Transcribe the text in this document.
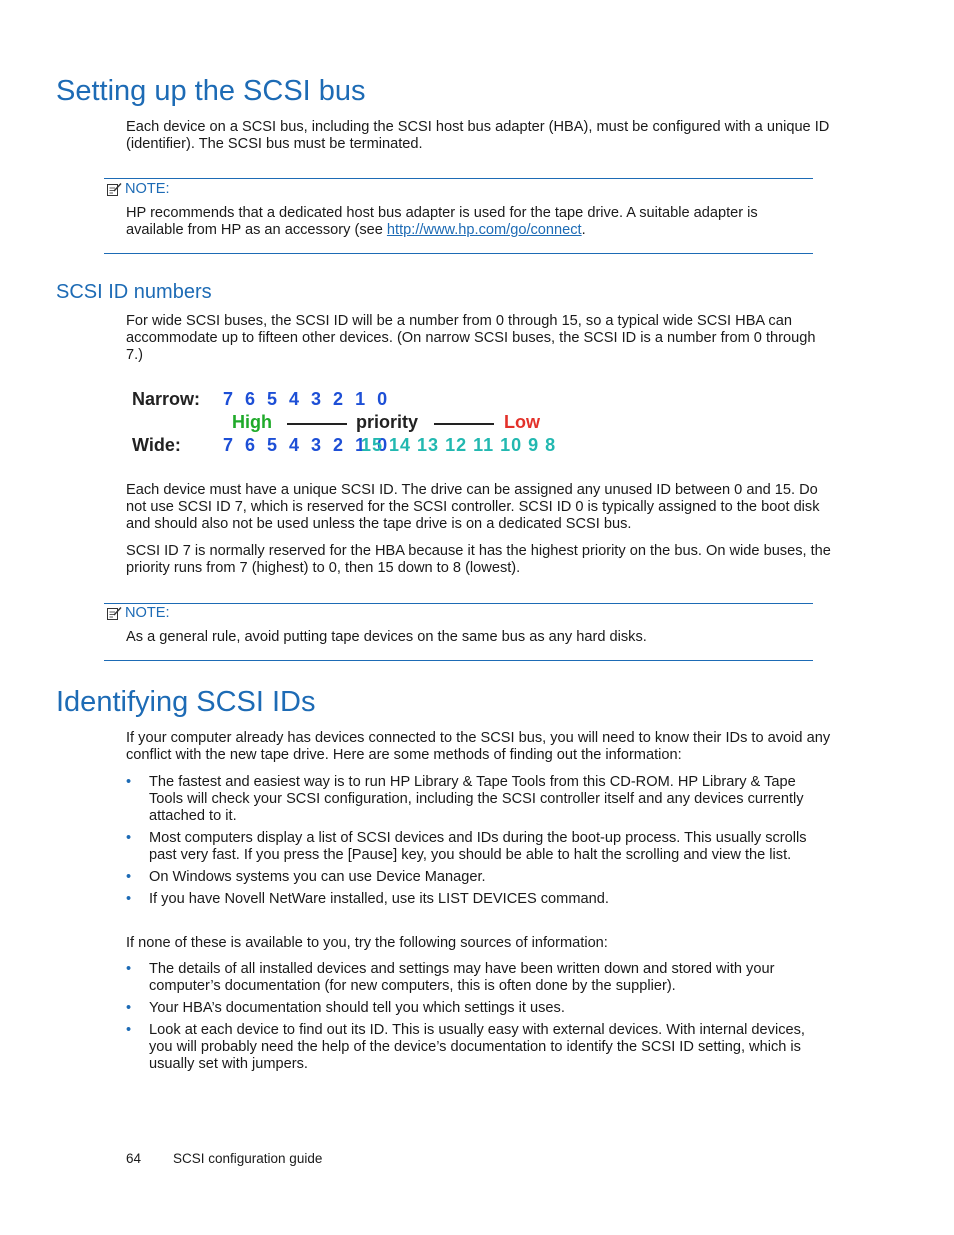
Setting up the SCSI bus

Each device on a SCSI bus, including the SCSI host bus adapter (HBA), must be configured with a unique ID (identifier). The SCSI bus must be terminated.

NOTE:

HP recommends that a dedicated host bus adapter is used for the tape drive. A suitable adapter is available from HP as an accessory (see http://www.hp.com/go/connect.

SCSI ID numbers

For wide SCSI buses, the SCSI ID will be a number from 0 through 15, so a typical wide SCSI HBA can accommodate up to fifteen other devices. (On narrow SCSI buses, the SCSI ID is a number from 0 through 7.)

Narrow: 7 6 5 4 3 2 1 0
High	priority	Low
Wide: 7 6 5 4 3 2 1 0
15 14 13 12 11 10 9 8

Each device must have a unique SCSI ID. The drive can be assigned any unused ID between 0 and 15. Do not use SCSI ID 7, which is reserved for the SCSI controller. SCSI ID 0 is typically assigned to the boot disk and should also not be used unless the tape drive is on a dedicated SCSI bus.

SCSI ID 7 is normally reserved for the HBA because it has the highest priority on the bus. On wide buses, the priority runs from 7 (highest) to 0, then 15 down to 8 (lowest).

NOTE:

As a general rule, avoid putting tape devices on the same bus as any hard disks.

Identifying SCSI IDs

If your computer already has devices connected to the SCSI bus, you will need to know their IDs to avoid any conflict with the new tape drive. Here are some methods of finding out the information:

• The fastest and easiest way is to run HP Library & Tape Tools from this CD-ROM. HP Library & Tape Tools will check your SCSI configuration, including the SCSI controller itself and any devices currently attached to it.
• Most computers display a list of SCSI devices and IDs during the boot-up process. This usually scrolls past very fast. If you press the [Pause] key, you should be able to halt the scrolling and view the list.
• On Windows systems you can use Device Manager.
• If you have Novell NetWare installed, use its LIST DEVICES command.

If none of these is available to you, try the following sources of information:

• The details of all installed devices and settings may have been written down and stored with your computer’s documentation (for new computers, this is often done by the supplier).
• Your HBA’s documentation should tell you which settings it uses.
• Look at each device to find out its ID. This is usually easy with external devices. With internal devices, you will probably need the help of the device’s documentation to identify the SCSI ID setting, which is usually set with jumpers.
64 SCSI configuration guide
